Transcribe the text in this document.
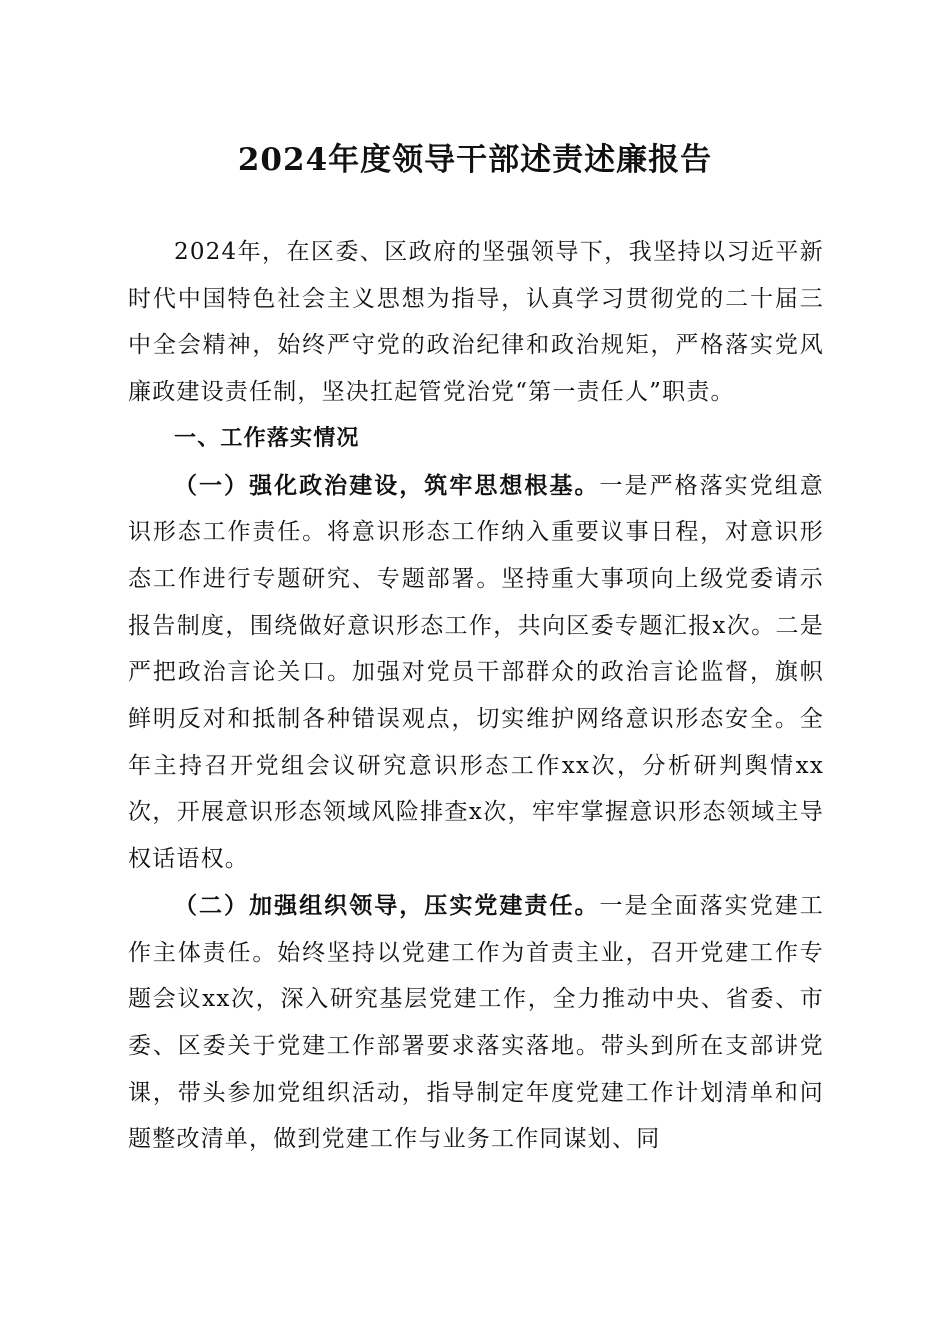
2024年度领导干部述责述廉报告

2024年，在区委、区政府的坚强领导下，我坚持以习近平新时代中国特色社会主义思想为指导，认真学习贯彻党的二十届三中全会精神，始终严守党的政治纪律和政治规矩，严格落实党风廉政建设责任制，坚决扛起管党治党“第一责任人”职责。

一、工作落实情况

（一）强化政治建设，筑牢思想根基。一是严格落实党组意识形态工作责任。将意识形态工作纳入重要议事日程，对意识形态工作进行专题研究、专题部署。坚持重大事项向上级党委请示报告制度，围绕做好意识形态工作，共向区委专题汇报x次。二是严把政治言论关口。加强对党员干部群众的政治言论监督，旗帜鲜明反对和抵制各种错误观点，切实维护网络意识形态安全。全年主持召开党组会议研究意识形态工作xx次，分析研判舆情xx次，开展意识形态领域风险排查x次，牢牢掌握意识形态领域主导权话语权。

（二）加强组织领导，压实党建责任。一是全面落实党建工作主体责任。始终坚持以党建工作为首责主业，召开党建工作专题会议xx次，深入研究基层党建工作，全力推动中央、省委、市委、区委关于党建工作部署要求落实落地。带头到所在支部讲党课，带头参加党组织活动，指导制定年度党建工作计划清单和问题整改清单，做到党建工作与业务工作同谋划、同
